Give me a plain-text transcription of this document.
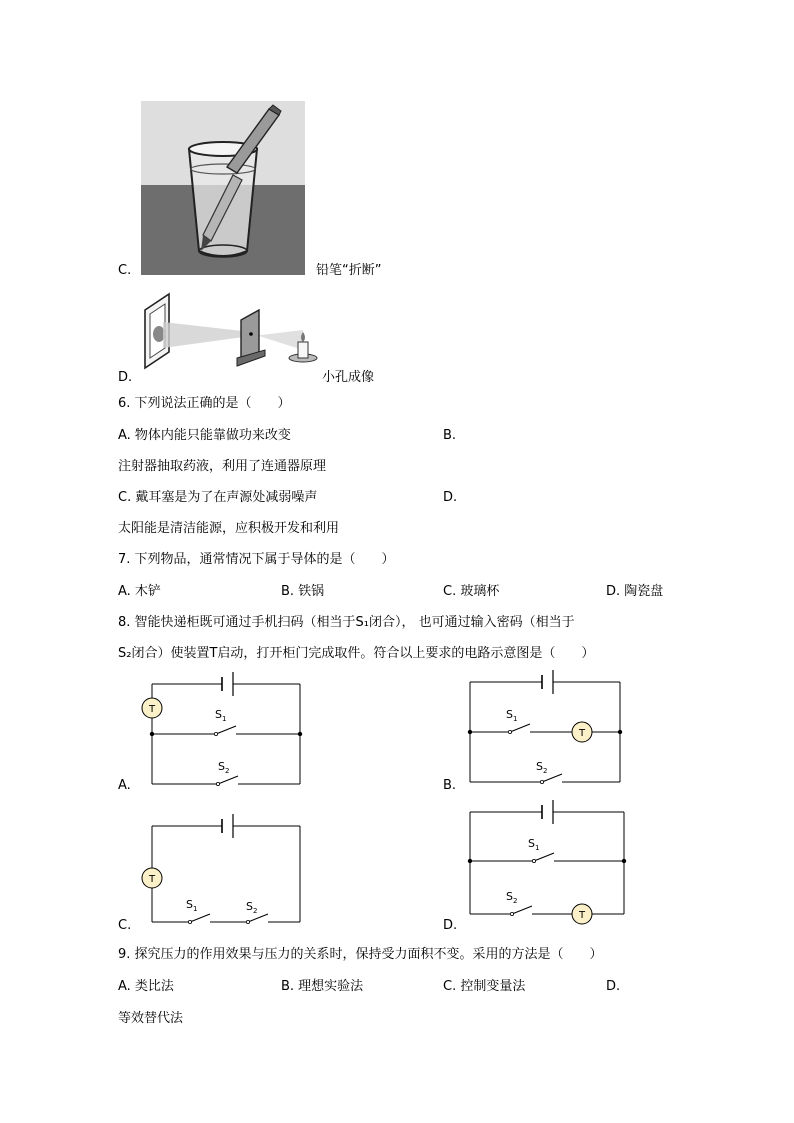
C.	铅笔“折断”
D.	小孔成像
6. 下列说法正确的是（　　）
A. 物体内能只能靠做功来改变	B.
注射器抽取药液，利用了连通器原理
C. 戴耳塞是为了在声源处减弱噪声	D.
太阳能是清洁能源，应积极开发和利用
7. 下列物品，通常情况下属于导体的是（　　）
A. 木铲	B. 铁锅	C. 玻璃杯	D. 陶瓷盘
8. 智能快递柜既可通过手机扫码（相当于S₁闭合）， 也可通过输入密码（相当于
S₂闭合）使装置T启动，打开柜门完成取件。符合以上要求的电路示意图是（　　）
A.
T	S 1
S 2
B.
T
S 1
S 2
C.
T
S 1	S 2
D.
T
S 1
S 2
9. 探究压力的作用效果与压力的关系时，保持受力面积不变。采用的方法是（　　）
A. 类比法	B. 理想实验法	C. 控制变量法	D.
等效替代法
